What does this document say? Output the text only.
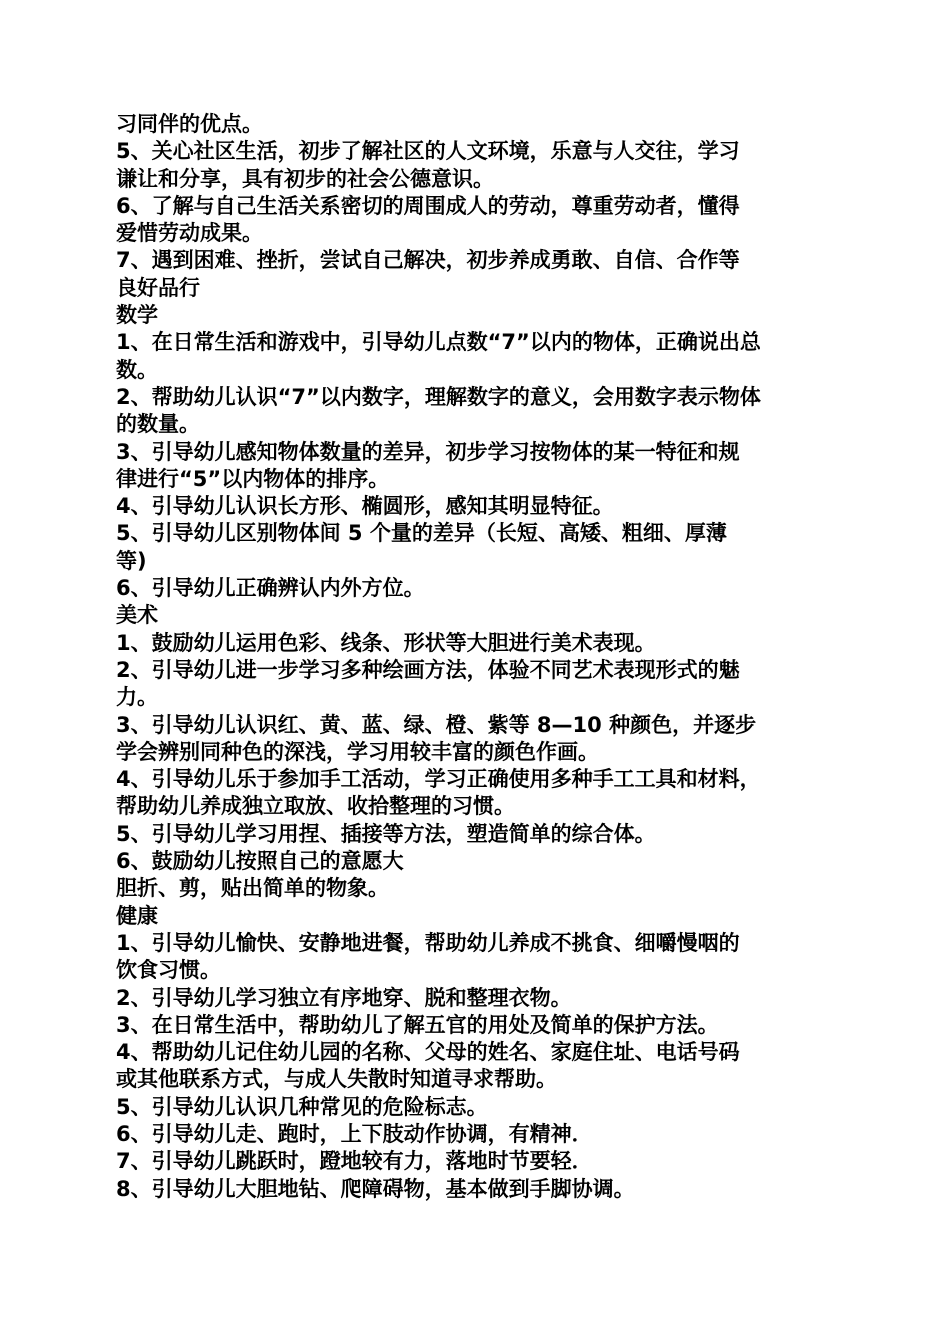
习同伴的优点。
5、关心社区生活，初步了解社区的人文环境，乐意与人交往，学习
谦让和分享，具有初步的社会公德意识。
6、了解与自己生活关系密切的周围成人的劳动，尊重劳动者，懂得
爱惜劳动成果。
7、遇到困难、挫折，尝试自己解决，初步养成勇敢、自信、合作等
良好品行
数学
1、在日常生活和游戏中，引导幼儿点数“7”以内的物体，正确说出总
数。
2、帮助幼儿认识“7”以内数字，理解数字的意义，会用数字表示物体
的数量。
3、引导幼儿感知物体数量的差异，初步学习按物体的某一特征和规
律进行“5”以内物体的排序。
4、引导幼儿认识长方形、椭圆形，感知其明显特征。
5、引导幼儿区别物体间 5 个量的差异（长短、高矮、粗细、厚薄
等)
6、引导幼儿正确辨认内外方位。
美术
1、鼓励幼儿运用色彩、线条、形状等大胆进行美术表现。
2、引导幼儿进一步学习多种绘画方法，体验不同艺术表现形式的魅
力。
3、引导幼儿认识红、黄、蓝、绿、橙、紫等 8—10 种颜色，并逐步
学会辨别同种色的深浅，学习用较丰富的颜色作画。
4、引导幼儿乐于参加手工活动，学习正确使用多种手工工具和材料，
帮助幼儿养成独立取放、收拾整理的习惯。
5、引导幼儿学习用捏、插接等方法，塑造简单的综合体。
6、鼓励幼儿按照自己的意愿大
胆折、剪，贴出简单的物象。
健康
1、引导幼儿愉快、安静地进餐，帮助幼儿养成不挑食、细嚼慢咽的
饮食习惯。
2、引导幼儿学习独立有序地穿、脱和整理衣物。
3、在日常生活中，帮助幼儿了解五官的用处及简单的保护方法。
4、帮助幼儿记住幼儿园的名称、父母的姓名、家庭住址、电话号码
或其他联系方式，与成人失散时知道寻求帮助。
5、引导幼儿认识几种常见的危险标志。
6、引导幼儿走、跑时，上下肢动作协调，有精神．
7、引导幼儿跳跃时，蹬地较有力，落地时节要轻．
8、引导幼儿大胆地钻、爬障碍物，基本做到手脚协调。
